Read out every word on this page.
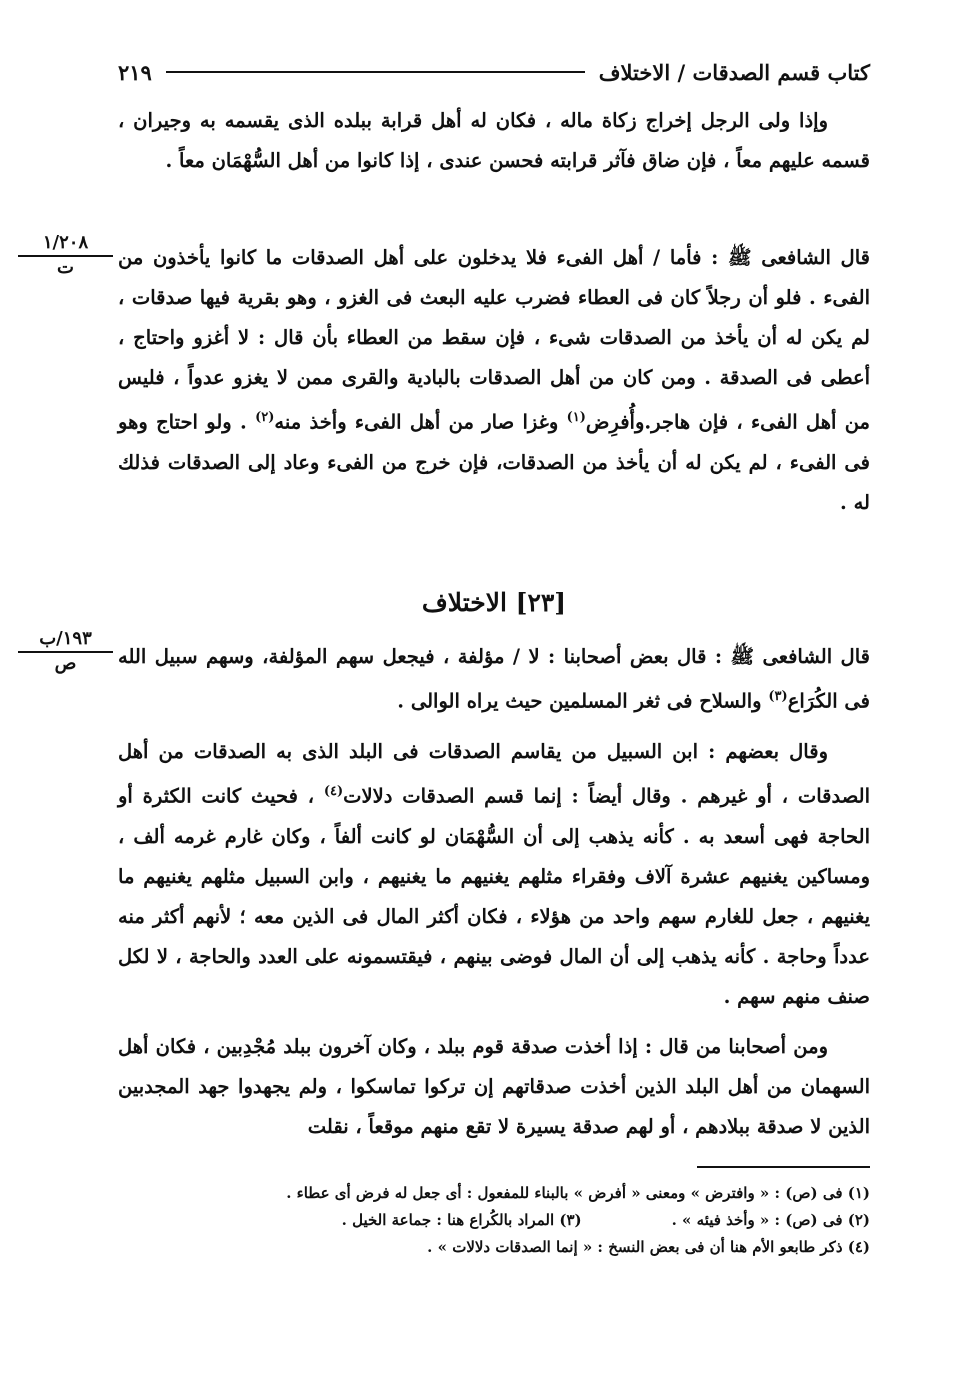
كتاب قسم الصدقات / الاختلاف
٢١٩

وإذا ولى الرجل إخراج زكاة ماله ، فكان له أهل قرابة ببلده الذى يقسمه به وجيران ، قسمه عليهم معاً ، فإن ضاق فآثر قرابته فحسن عندى ، إذا كانوا من أهل السُّهْمَان معاً .

١/٢٠٨
ت	قال الشافعى ﷺ : فأما / أهل الفىء فلا يدخلون على أهل الصدقات ما كانوا يأخذون من الفىء . فلو أن رجلاً كان فى العطاء فضرب عليه البعث فى الغزو ، وهو بقرية فيها صدقات ، لم يكن له أن يأخذ من الصدقات شىء ، فإن سقط من العطاء بأن قال : لا أغزو واحتاج ، أعطى فى الصدقة . ومن كان من أهل الصدقات بالبادية والقرى ممن لا يغزو عدواً ، فليس من أهل الفىء ، فإن هاجر.وأُفرِض$^{(١)}$ وغزا صار من أهل الفىء وأخذ منه$^{(٢)}$ . ولو احتاج وهو فى الفىء ، لم يكن له أن يأخذ من الصدقات، فإن خرج من الفىء وعاد إلى الصدقات فذلك له .

[٢٣] الاختلاف
١٩٣/ب
ص	قال الشافعى ﷺ : قال بعض أصحابنا : لا / مؤلفة ، فيجعل سهم المؤلفة، وسهم سبيل الله فى الكُرَاع$^{(٣)}$ والسلاح فى ثغر المسلمين حيث يراه الوالى .

وقال بعضهم : ابن السبيل من يقاسم الصدقات فى البلد الذى به الصدقات من أهل الصدقات ، أو غيرهم . وقال أيضاً : إنما قسم الصدقات دلالات$^{(٤)}$ ، فحيث كانت الكثرة أو الحاجة فهى أسعد به . كأنه يذهب إلى أن السُّهْمَان لو كانت ألفاً ، وكان غارم غرمه ألف ، ومساكين يغنيهم عشرة آلاف وفقراء مثلهم يغنيهم ما يغنيهم ، وابن السبيل مثلهم يغنيهم ما يغنيهم ، جعل للغارم سهم واحد من هؤلاء ، فكان أكثر المال فى الذين معه ؛ لأنهم أكثر منه عدداً وحاجة . كأنه يذهب إلى أن المال فوضى بينهم ، فيقتسمونه على العدد والحاجة ، لا لكل صنف منهم سهم .

ومن أصحابنا من قال : إذا أخذت صدقة قوم ببلد ، وكان آخرون ببلد مُجْدِبين ، فكان أهل السهمان من أهل البلد الذين أخذت صدقاتهم إن تركوا تماسكوا ، ولم يجهدوا جهد المجدبين الذين لا صدقة ببلادهم ، أو لهم صدقة يسيرة لا تقع منهم موقعاً ، نقلت

(١) فى (ص) : « وافترض » ومعنى « أفرض » بالبناء للمفعول : أى جعل له فرض أى عطاء .
(٢) فى (ص) : « وأخذ فيئه » .
(٣) المراد بالكُراع هنا : جماعة الخيل .
(٤) ذكر طابعو الأم هنا أن فى بعض النسخ : « إنما الصدقات دلالات » .
